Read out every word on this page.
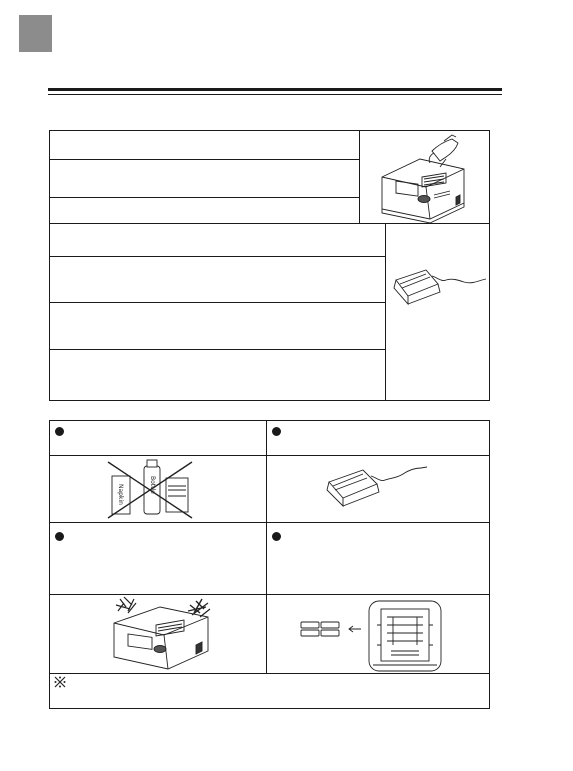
Napkin	Bottle
